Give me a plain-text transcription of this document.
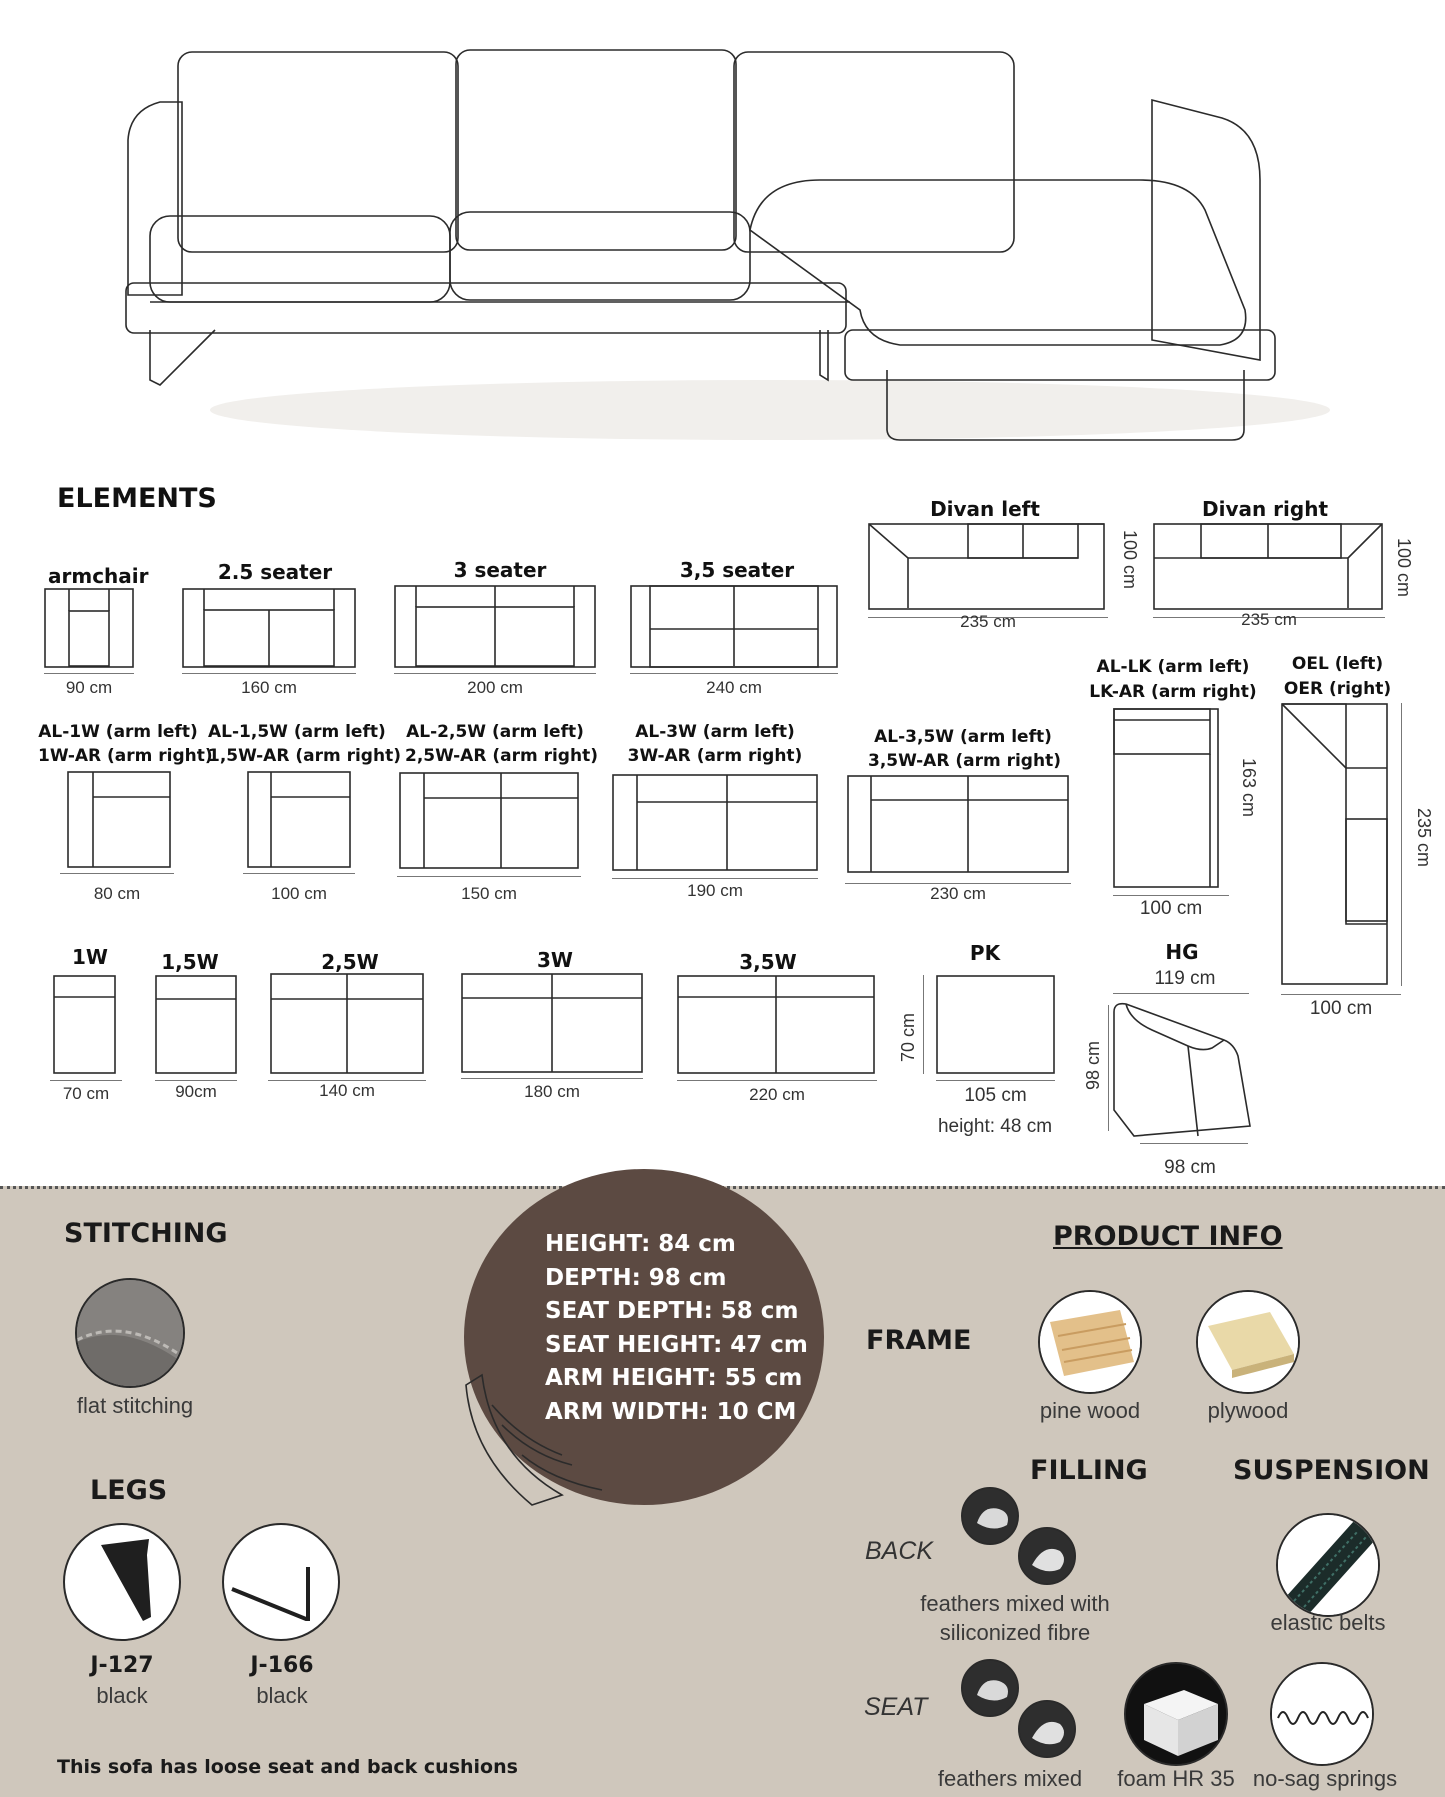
ELEMENTS
armchair
90 cm
2.5 seater
160 cm
3 seater
200 cm
3,5 seater
240 cm
Divan left
235 cm
100 cm
Divan right
235 cm
100 cm
AL-1W (arm left)
1W-AR (arm right)
80 cm
AL-1,5W (arm left)
1,5W-AR (arm right)
100 cm
AL-2,5W (arm left)
2,5W-AR (arm right)
150 cm
AL-3W (arm left)
3W-AR (arm right)
190 cm
AL-3,5W (arm left)
3,5W-AR (arm right)
230 cm
AL-LK (arm left)
LK-AR (arm right)
163 cm
100 cm
OEL (left)
OER (right)
235 cm
100 cm
1W
70 cm
1,5W
90cm
2,5W
140 cm
3W
180 cm
3,5W
220 cm
PK
70 cm
105 cm
height: 48 cm
HG
119 cm
98 cm
98 cm
STITCHING
flat stitching
LEGS
J-127
black
J-166
black
This sofa has loose seat and back cushions
HEIGHT: 84 cm
DEPTH: 98 cm
SEAT DEPTH: 58 cm
SEAT HEIGHT: 47 cm
ARM HEIGHT: 55 cm
ARM WIDTH: 10 CM
PRODUCT INFO
FRAME
pine wood	plywood
FILLING	SUSPENSION
BACK
feathers mixed with
siliconized fibre	elastic belts
SEAT
feathers mixed	foam HR 35 no-sag springs
